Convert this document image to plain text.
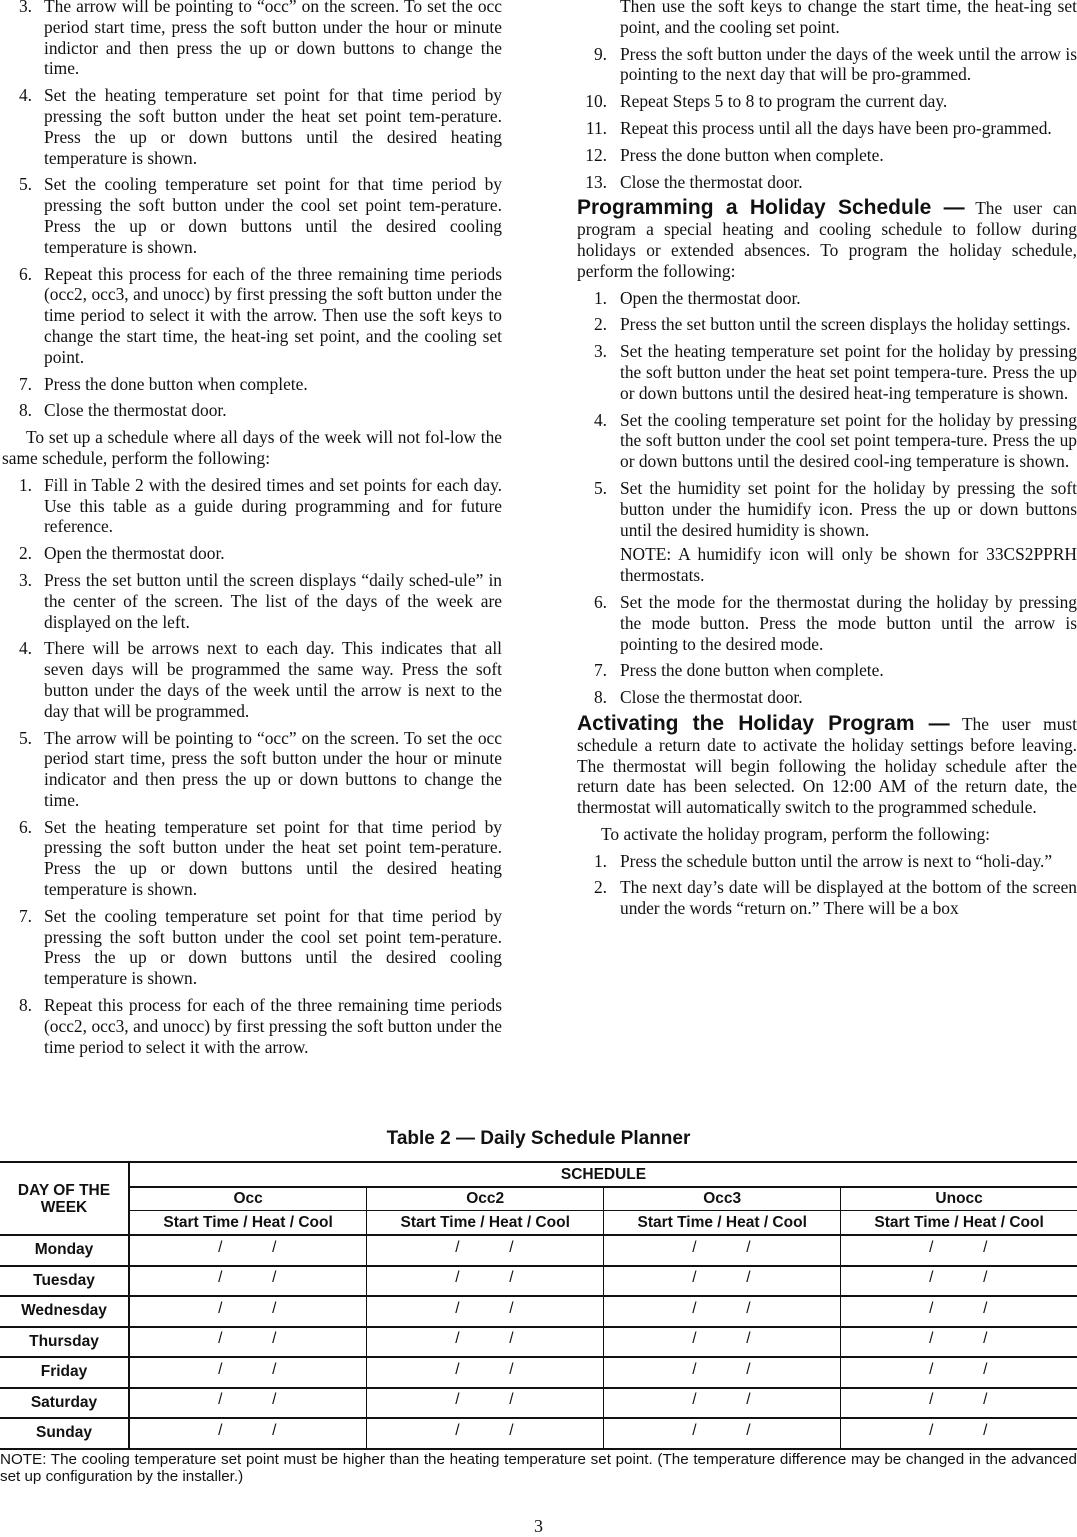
3. The arrow will be pointing to “occ” on the screen. To set the occ period start time, press the soft button under the hour or minute indictor and then press the up or down buttons to change the time.
4. Set the heating temperature set point for that time period by pressing the soft button under the heat set point tem-perature. Press the up or down buttons until the desired heating temperature is shown.
5. Set the cooling temperature set point for that time period by pressing the soft button under the cool set point tem-perature. Press the up or down buttons until the desired cooling temperature is shown.
6. Repeat this process for each of the three remaining time periods (occ2, occ3, and unocc) by first pressing the soft button under the time period to select it with the arrow. Then use the soft keys to change the start time, the heat-ing set point, and the cooling set point.
7. Press the done button when complete.
8. Close the thermostat door.

To set up a schedule where all days of the week will not fol-low the same schedule, perform the following:

1. Fill in Table 2 with the desired times and set points for each day. Use this table as a guide during programming and for future reference.
2. Open the thermostat door.
3. Press the set button until the screen displays “daily sched-ule” in the center of the screen. The list of the days of the week are displayed on the left.
4. There will be arrows next to each day. This indicates that all seven days will be programmed the same way. Press the soft button under the days of the week until the arrow is next to the day that will be programmed.
5. The arrow will be pointing to “occ” on the screen. To set the occ period start time, press the soft button under the hour or minute indicator and then press the up or down buttons to change the time.
6. Set the heating temperature set point for that time period by pressing the soft button under the heat set point tem-perature. Press the up or down buttons until the desired heating temperature is shown.
7. Set the cooling temperature set point for that time period by pressing the soft button under the cool set point tem-perature. Press the up or down buttons until the desired cooling temperature is shown.
8. Repeat this process for each of the three remaining time periods (occ2, occ3, and unocc) by first pressing the soft button under the time period to select it with the arrow.

Then use the soft keys to change the start time, the heat-ing set point, and the cooling set point.

9. Press the soft button under the days of the week until the arrow is pointing to the next day that will be pro-grammed.
10. Repeat Steps 5 to 8 to program the current day.
11. Repeat this process until all the days have been pro-grammed.
12. Press the done button when complete.
13. Close the thermostat door.

Programming a Holiday Schedule — The user can program a special heating and cooling schedule to follow during holidays or extended absences. To program the holiday schedule, perform the following:

1. Open the thermostat door.
2. Press the set button until the screen displays the holiday settings.
3. Set the heating temperature set point for the holiday by pressing the soft button under the heat set point tempera-ture. Press the up or down buttons until the desired heat-ing temperature is shown.
4. Set the cooling temperature set point for the holiday by pressing the soft button under the cool set point tempera-ture. Press the up or down buttons until the desired cool-ing temperature is shown.
5. Set the humidity set point for the holiday by pressing the soft button under the humidify icon. Press the up or down buttons until the desired humidity is shown.

NOTE: A humidify icon will only be shown for 33CS2PPRH thermostats.

6. Set the mode for the thermostat during the holiday by pressing the mode button. Press the mode button until the arrow is pointing to the desired mode.
7. Press the done button when complete.
8. Close the thermostat door.

Activating the Holiday Program — The user must schedule a return date to activate the holiday settings before leaving. The thermostat will begin following the holiday schedule after the return date has been selected. On 12:00 AM of the return date, the thermostat will automatically switch to the programmed schedule.

To activate the holiday program, perform the following:

1. Press the schedule button until the arrow is next to “holi-day.”
2. The next day’s date will be displayed at the bottom of the screen under the words “return on.” There will be a box
Table 2 — Daily Schedule Planner
DAY OF THE WEEK	SCHEDULE			
	Occ	Occ2	Occ3	Unocc
	Start Time / Heat / Cool	Start Time / Heat / Cool	Start Time / Heat / Cool	Start Time / Heat / Cool
Monday	/ /	/ /	/ /	/ /

Tuesday	/ /	/ /	/ /	/ /

Wednesday	/ /	/ /	/ /	/ /

Thursday	/ /	/ /	/ /	/ /

Friday	/ /	/ /	/ /	/ /

Saturday	/ /	/ /	/ /	/ /

Sunday	/ /	/ /	/ /	/ /
NOTE: The cooling temperature set point must be higher than the heating temperature set point. (The temperature difference may be changed in the advanced set up configuration by the installer.)
3
